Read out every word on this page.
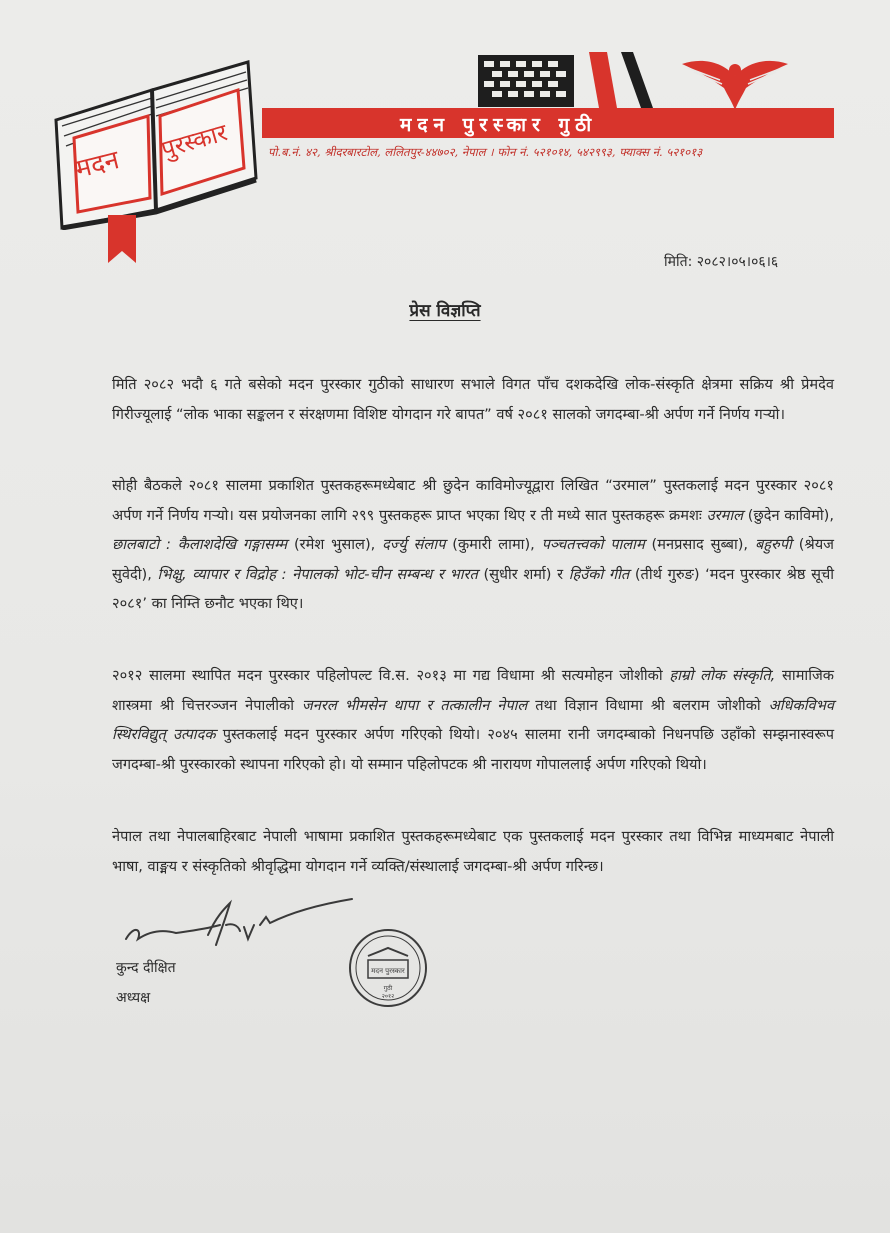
मदन
पुरस्कार	मदन पुरस्कार गुठी
पो.ब.नं. ४२, श्रीदरबारटोल, ललितपुर-४४७०२, नेपाल । फोन नं. ५२१०१४, ५४२९९३, फ्याक्स नं. ५२१०१३
मिति: २०८२।०५।०६।६
प्रेस विज्ञप्ति
मिति २०८२ भदौ ६ गते बसेको मदन पुरस्कार गुठीको साधारण सभाले विगत पाँच दशकदेखि लोक-संस्कृति क्षेत्रमा सक्रिय श्री प्रेमदेव गिरीज्यूलाई “लोक भाका सङ्कलन र संरक्षणमा विशिष्ट योगदान गरे बापत” वर्ष २०८१ सालको जगदम्बा-श्री अर्पण गर्ने निर्णय गऱ्यो।
सोही बैठकले २०८१ सालमा प्रकाशित पुस्तकहरूमध्येबाट श्री छुदेन काविमोज्यूद्वारा लिखित “उरमाल” पुस्तकलाई मदन पुरस्कार २०८१ अर्पण गर्ने निर्णय गऱ्यो। यस प्रयोजनका लागि २९९ पुस्तकहरू प्राप्त भएका थिए र ती मध्ये सात पुस्तकहरू क्रमशः उरमाल (छुदेन काविमो), छालबाटो : कैलाशदेखि गङ्गासम्म (रमेश भुसाल), दर्ज्यु संलाप (कुमारी लामा), पञ्चतत्त्वको पालाम (मनप्रसाद सुब्बा), बहुरुपी (श्रेयज सुवेदी), भिक्षु, व्यापार र विद्रोह : नेपालको भोट-चीन सम्बन्ध र भारत (सुधीर शर्मा) र हिउँको गीत (तीर्थ गुरुङ) ‘मदन पुरस्कार श्रेष्ठ सूची २०८१’ का निम्ति छनौट भएका थिए।
२०१२ सालमा स्थापित मदन पुरस्कार पहिलोपल्ट वि.स. २०१३ मा गद्य विधामा श्री सत्यमोहन जोशीको हाम्रो लोक संस्कृति, सामाजिक शास्त्रमा श्री चित्तरञ्जन नेपालीको जनरल भीमसेन थापा र तत्कालीन नेपाल तथा विज्ञान विधामा श्री बलराम जोशीको अधिकविभव स्थिरविद्युत् उत्पादक पुस्तकलाई मदन पुरस्कार अर्पण गरिएको थियो। २०४५ सालमा रानी जगदम्बाको निधनपछि उहाँको सम्झनास्वरूप जगदम्बा-श्री पुरस्कारको स्थापना गरिएको हो। यो सम्मान पहिलोपटक श्री नारायण गोपाललाई अर्पण गरिएको थियो।
नेपाल तथा नेपालबाहिरबाट नेपाली भाषामा प्रकाशित पुस्तकहरूमध्येबाट एक पुस्तकलाई मदन पुरस्कार तथा विभिन्न माध्यमबाट नेपाली भाषा, वाङ्मय र संस्कृतिको श्रीवृद्धिमा योगदान गर्ने व्यक्ति/संस्थालाई जगदम्बा-श्री अर्पण गरिन्छ।
कुन्द दीक्षित
अध्यक्ष
मदन पुरस्कार
गुठी
२०१२
